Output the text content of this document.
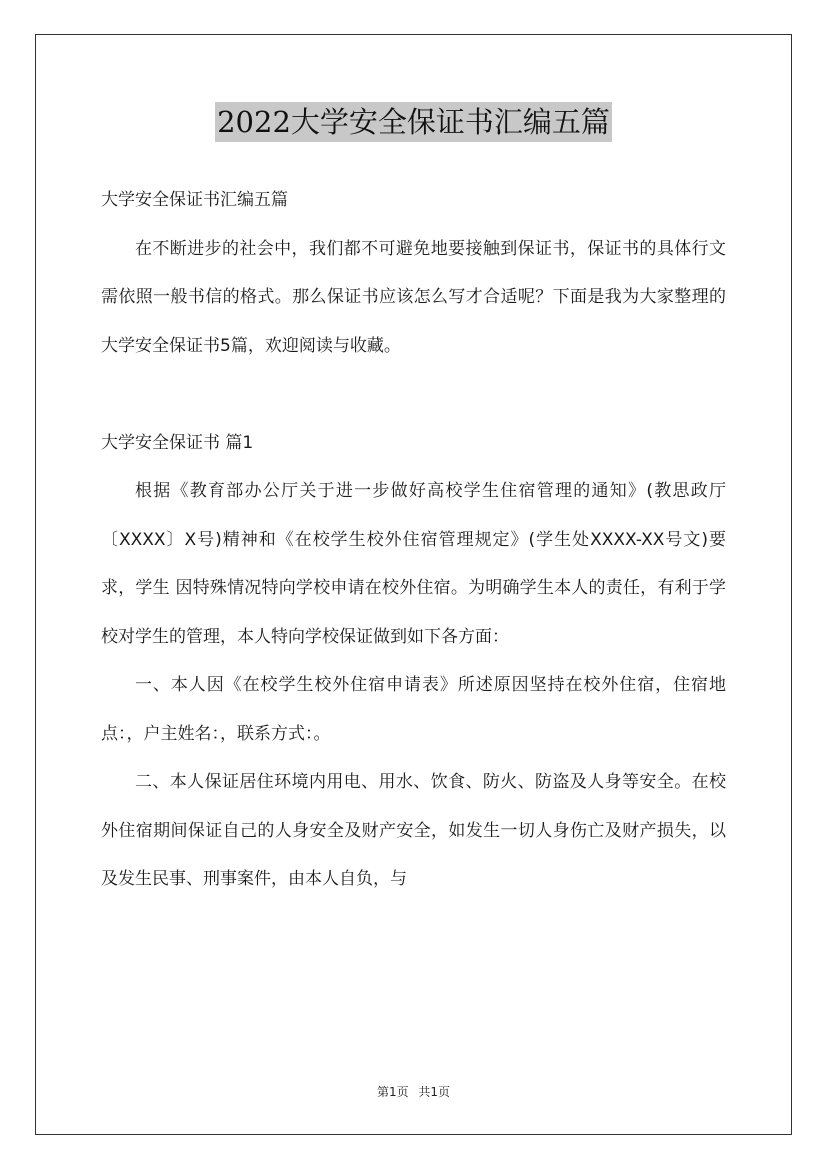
2022大学安全保证书汇编五篇

大学安全保证书汇编五篇

在不断进步的社会中，我们都不可避免地要接触到保证书，保证书的具体行文需依照一般书信的格式。那么保证书应该怎么写才合适呢？下面是我为大家整理的大学安全保证书5篇，欢迎阅读与收藏。

大学安全保证书 篇1

根据《教育部办公厅关于进一步做好高校学生住宿管理的通知》(教思政厅〔XXXX〕X号)精神和《在校学生校外住宿管理规定》(学生处XXXX-XX号文)要求，学生 因特殊情况特向学校申请在校外住宿。为明确学生本人的责任，有利于学校对学生的管理，本人特向学校保证做到如下各方面：

一、本人因《在校学生校外住宿申请表》所述原因坚持在校外住宿，住宿地点：，户主姓名：，联系方式：。

二、本人保证居住环境内用电、用水、饮食、防火、防盗及人身等安全。在校外住宿期间保证自己的人身安全及财产安全，如发生一切人身伤亡及财产损失，以及发生民事、刑事案件，由本人自负，与

第1页 共1页
